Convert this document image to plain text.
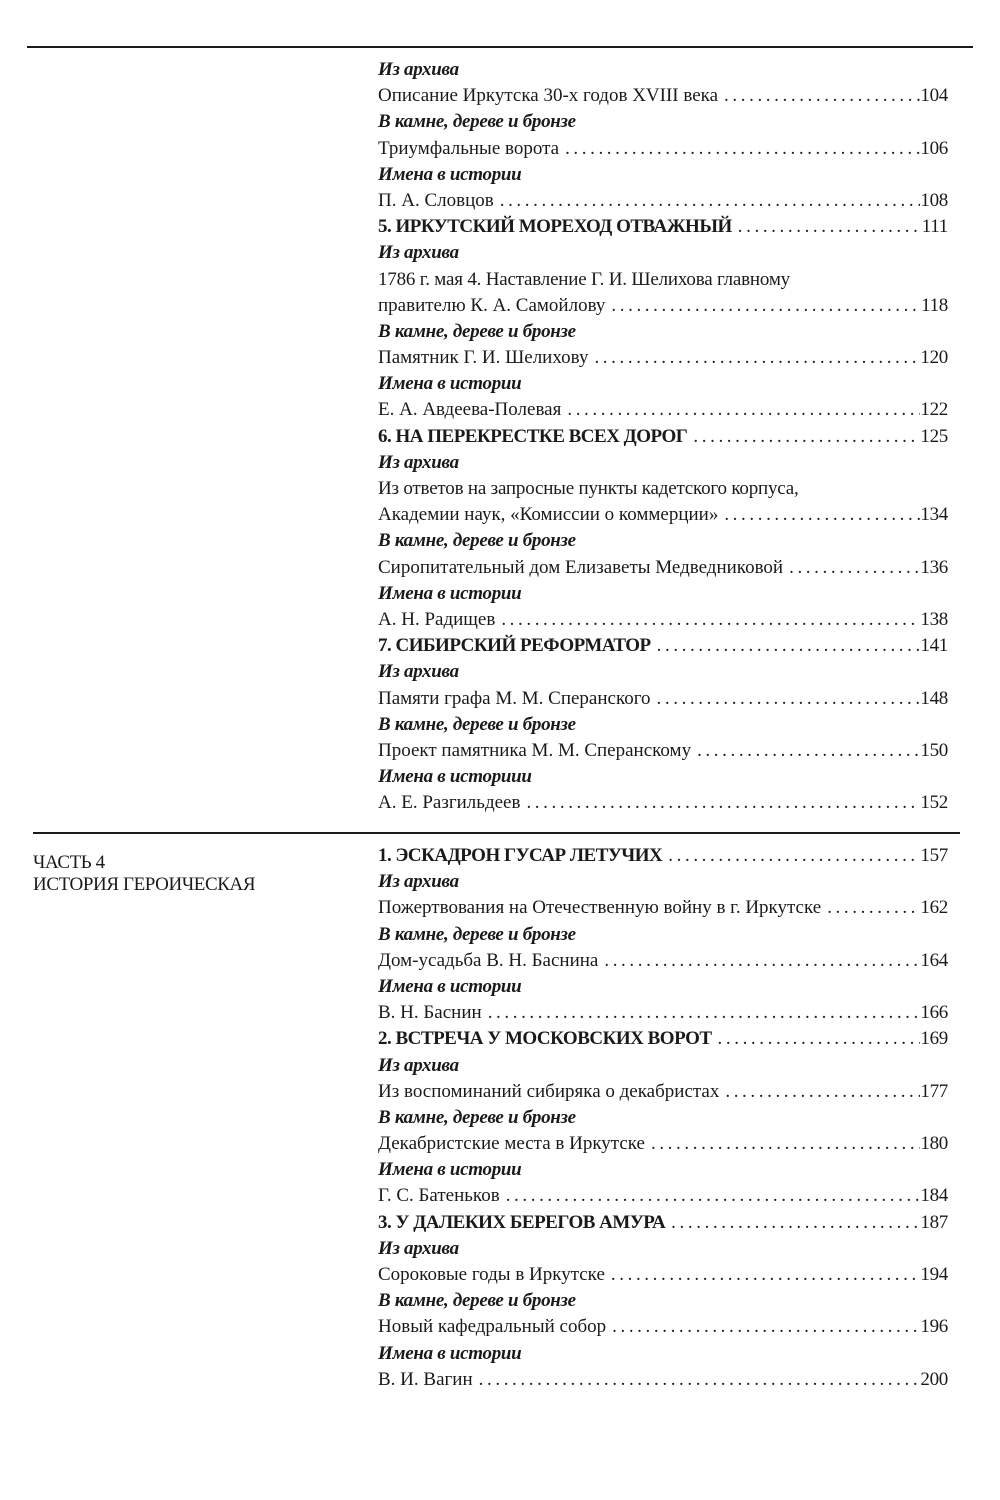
Из архива
Описание Иркутска 30-х годов XVIII века .....	104
В камне, дереве и бронзе
Триумфальные ворота .....	106
Имена в истории
П. А. Словцов .....	108
5. ИРКУТСКИЙ МОРЕХОД ОТВАЖНЫЙ .....	111
Из архива
1786 г. мая 4. Наставление Г. И. Шелихова главному
правителю К. А. Самойлову .....	118
В камне, дереве и бронзе
Памятник Г. И. Шелихову .....	120
Имена в истории
Е. А. Авдеева-Полевая .....	122
6. НА ПЕРЕКРЕСТКЕ ВСЕХ ДОРОГ .....	125
Из архива
Из ответов на запросные пункты кадетского корпуса,
Академии наук, «Комиссии о коммерции» .....	134
В камне, дереве и бронзе
Сиропитательный дом Елизаветы Медведниковой .....	136
Имена в истории
А. Н. Радищев .....	138
7. СИБИРСКИЙ РЕФОРМАТОР .....	141
Из архива
Памяти графа М. М. Сперанского .....	148
В камне, дереве и бронзе
Проект памятника М. М. Сперанскому .....	150
Имена в историии
А. Е. Разгильдеев .....	152
ЧАСТЬ 4
ИСТОРИЯ ГЕРОИЧЕСКАЯ
1. ЭСКАДРОН ГУСАР ЛЕТУЧИХ .....	157
Из архива
Пожертвования на Отечественную войну в г. Иркутске .....	162
В камне, дереве и бронзе
Дом-усадьба В. Н. Баснина .....	164
Имена в истории
В. Н. Баснин .....	166
2. ВСТРЕЧА У МОСКОВСКИХ ВОРОТ .....	169
Из архива
Из воспоминаний сибиряка о декабристах .....	177
В камне, дереве и бронзе
Декабристские места в Иркутске .....	180
Имена в истории
Г. С. Батеньков .....	184
3. У ДАЛЕКИХ БЕРЕГОВ АМУРА .....	187
Из архива
Сороковые годы в Иркутске .....	194
В камне, дереве и бронзе
Новый кафедральный собор .....	196
Имена в истории
В. И. Вагин .....	200
